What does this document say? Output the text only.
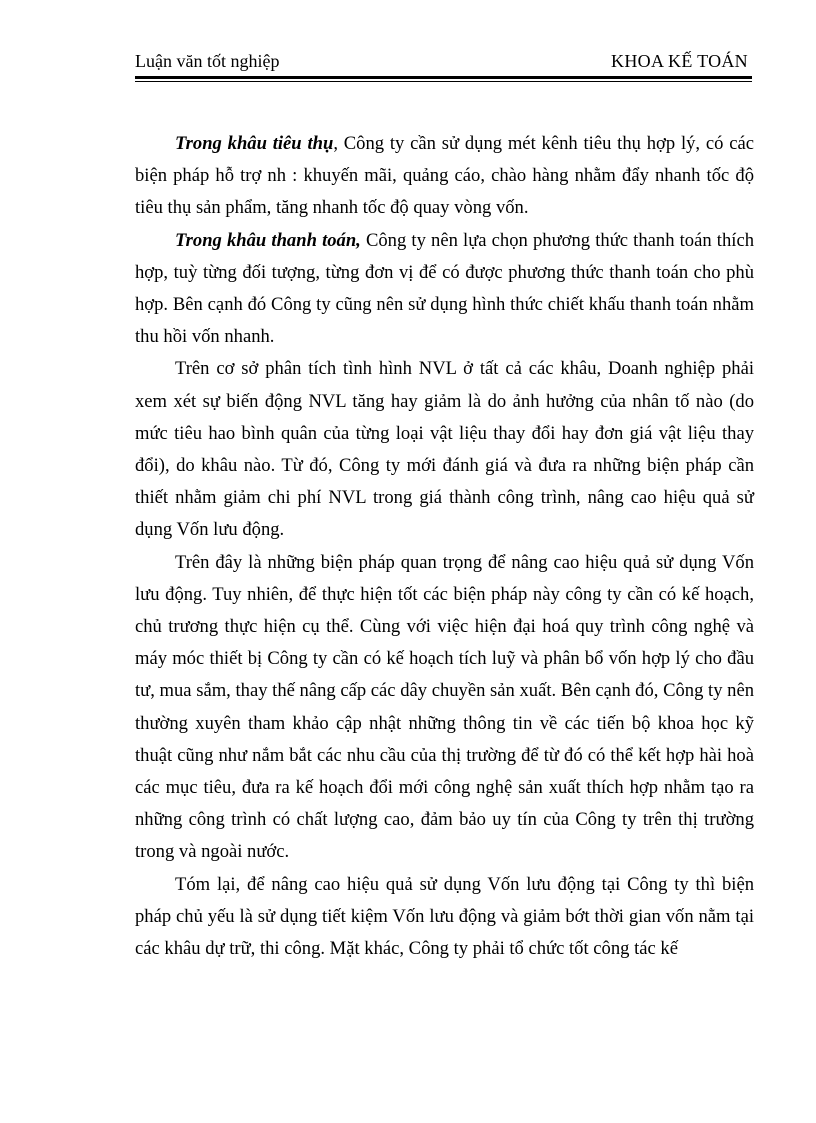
Luận văn tốt nghiệp	KHOA KẾ TOÁN

Trong khâu tiêu thụ, Công ty cần sử dụng mét kênh tiêu thụ hợp lý, có các biện pháp hỗ trợ nh : khuyến mãi, quảng cáo, chào hàng nhằm đẩy nhanh tốc độ tiêu thụ sản phẩm, tăng nhanh tốc độ quay vòng vốn.

Trong khâu thanh toán, Công ty nên lựa chọn phương thức thanh toán thích hợp, tuỳ từng đối tượng, từng đơn vị để có được phương thức thanh toán cho phù hợp. Bên cạnh đó Công ty cũng nên sử dụng hình thức chiết khấu thanh toán nhằm thu hồi vốn nhanh.

Trên cơ sở phân tích tình hình NVL ở tất cả các khâu, Doanh nghiệp phải xem xét sự biến động NVL tăng hay giảm là do ảnh hưởng của nhân tố nào (do mức tiêu hao bình quân của từng loại vật liệu thay đổi hay đơn giá vật liệu thay đổi), do khâu nào. Từ đó, Công ty mới đánh giá và đưa ra những biện pháp cần thiết nhằm giảm chi phí NVL trong giá thành công trình, nâng cao hiệu quả sử dụng Vốn lưu động.

Trên đây là những biện pháp quan trọng để nâng cao hiệu quả sử dụng Vốn lưu động. Tuy nhiên, để thực hiện tốt các biện pháp này công ty cần có kế hoạch, chủ trương thực hiện cụ thể. Cùng với việc hiện đại hoá quy trình công nghệ và máy móc thiết bị Công ty cần có kế hoạch tích luỹ và phân bổ vốn hợp lý cho đầu tư, mua sắm, thay thế nâng cấp các dây chuyền sản xuất. Bên cạnh đó, Công ty nên thường xuyên tham khảo cập nhật những thông tin về các tiến bộ khoa học kỹ thuật cũng như nắm bắt các nhu cầu của thị trường để từ đó có thể kết hợp hài hoà các mục tiêu, đưa ra kế hoạch đổi mới công nghệ sản xuất thích hợp nhằm tạo ra những công trình có chất lượng cao, đảm bảo uy tín của Công ty trên thị trường trong và ngoài nước.

Tóm lại, để nâng cao hiệu quả sử dụng Vốn lưu động tại Công ty thì biện pháp chủ yếu là sử dụng tiết kiệm Vốn lưu động và giảm bớt thời gian vốn nằm tại các khâu dự trữ, thi công. Mặt khác, Công ty phải tổ chức tốt công tác kế
